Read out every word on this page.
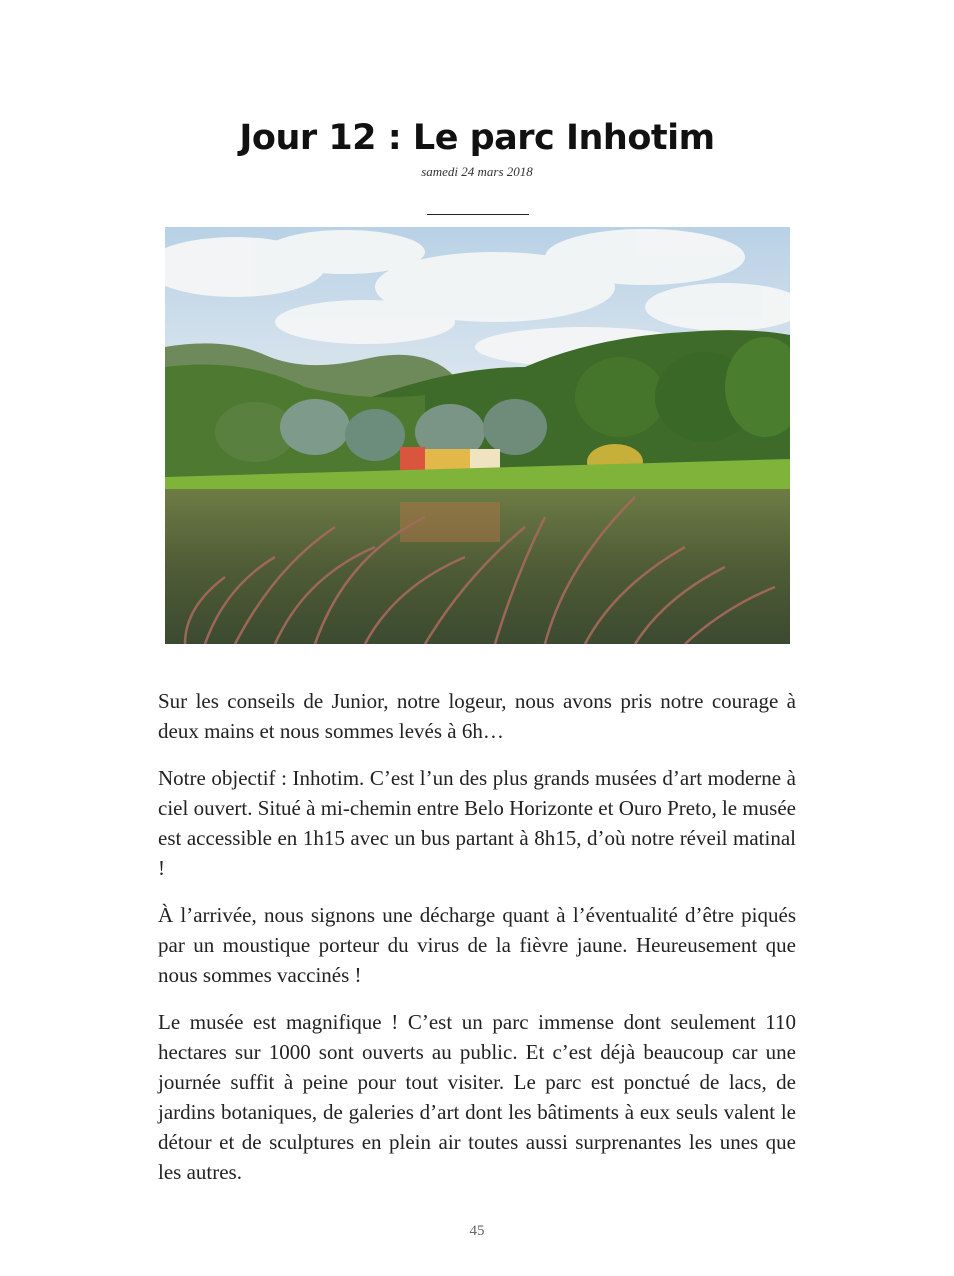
Jour 12 : Le parc Inhotim
samedi 24 mars 2018

Sur les conseils de Junior, notre logeur, nous avons pris notre courage à deux mains et nous sommes levés à 6h…

Notre objectif : Inhotim. C’est l’un des plus grands musées d’art moderne à ciel ouvert. Situé à mi-chemin entre Belo Horizonte et Ouro Preto, le musée est accessible en 1h15 avec un bus partant à 8h15, d’où notre réveil matinal !

À l’arrivée, nous signons une décharge quant à l’éventualité d’être piqués par un moustique porteur du virus de la fièvre jaune. Heureusement que nous sommes vaccinés !

Le musée est magnifique ! C’est un parc immense dont seulement 110 hectares sur 1000 sont ouverts au public. Et c’est déjà beaucoup car une journée suffit à peine pour tout visiter. Le parc est ponctué de lacs, de jardins botaniques, de galeries d’art dont les bâtiments à eux seuls valent le détour et de sculptures en plein air toutes aussi surprenantes les unes que les autres.

45
